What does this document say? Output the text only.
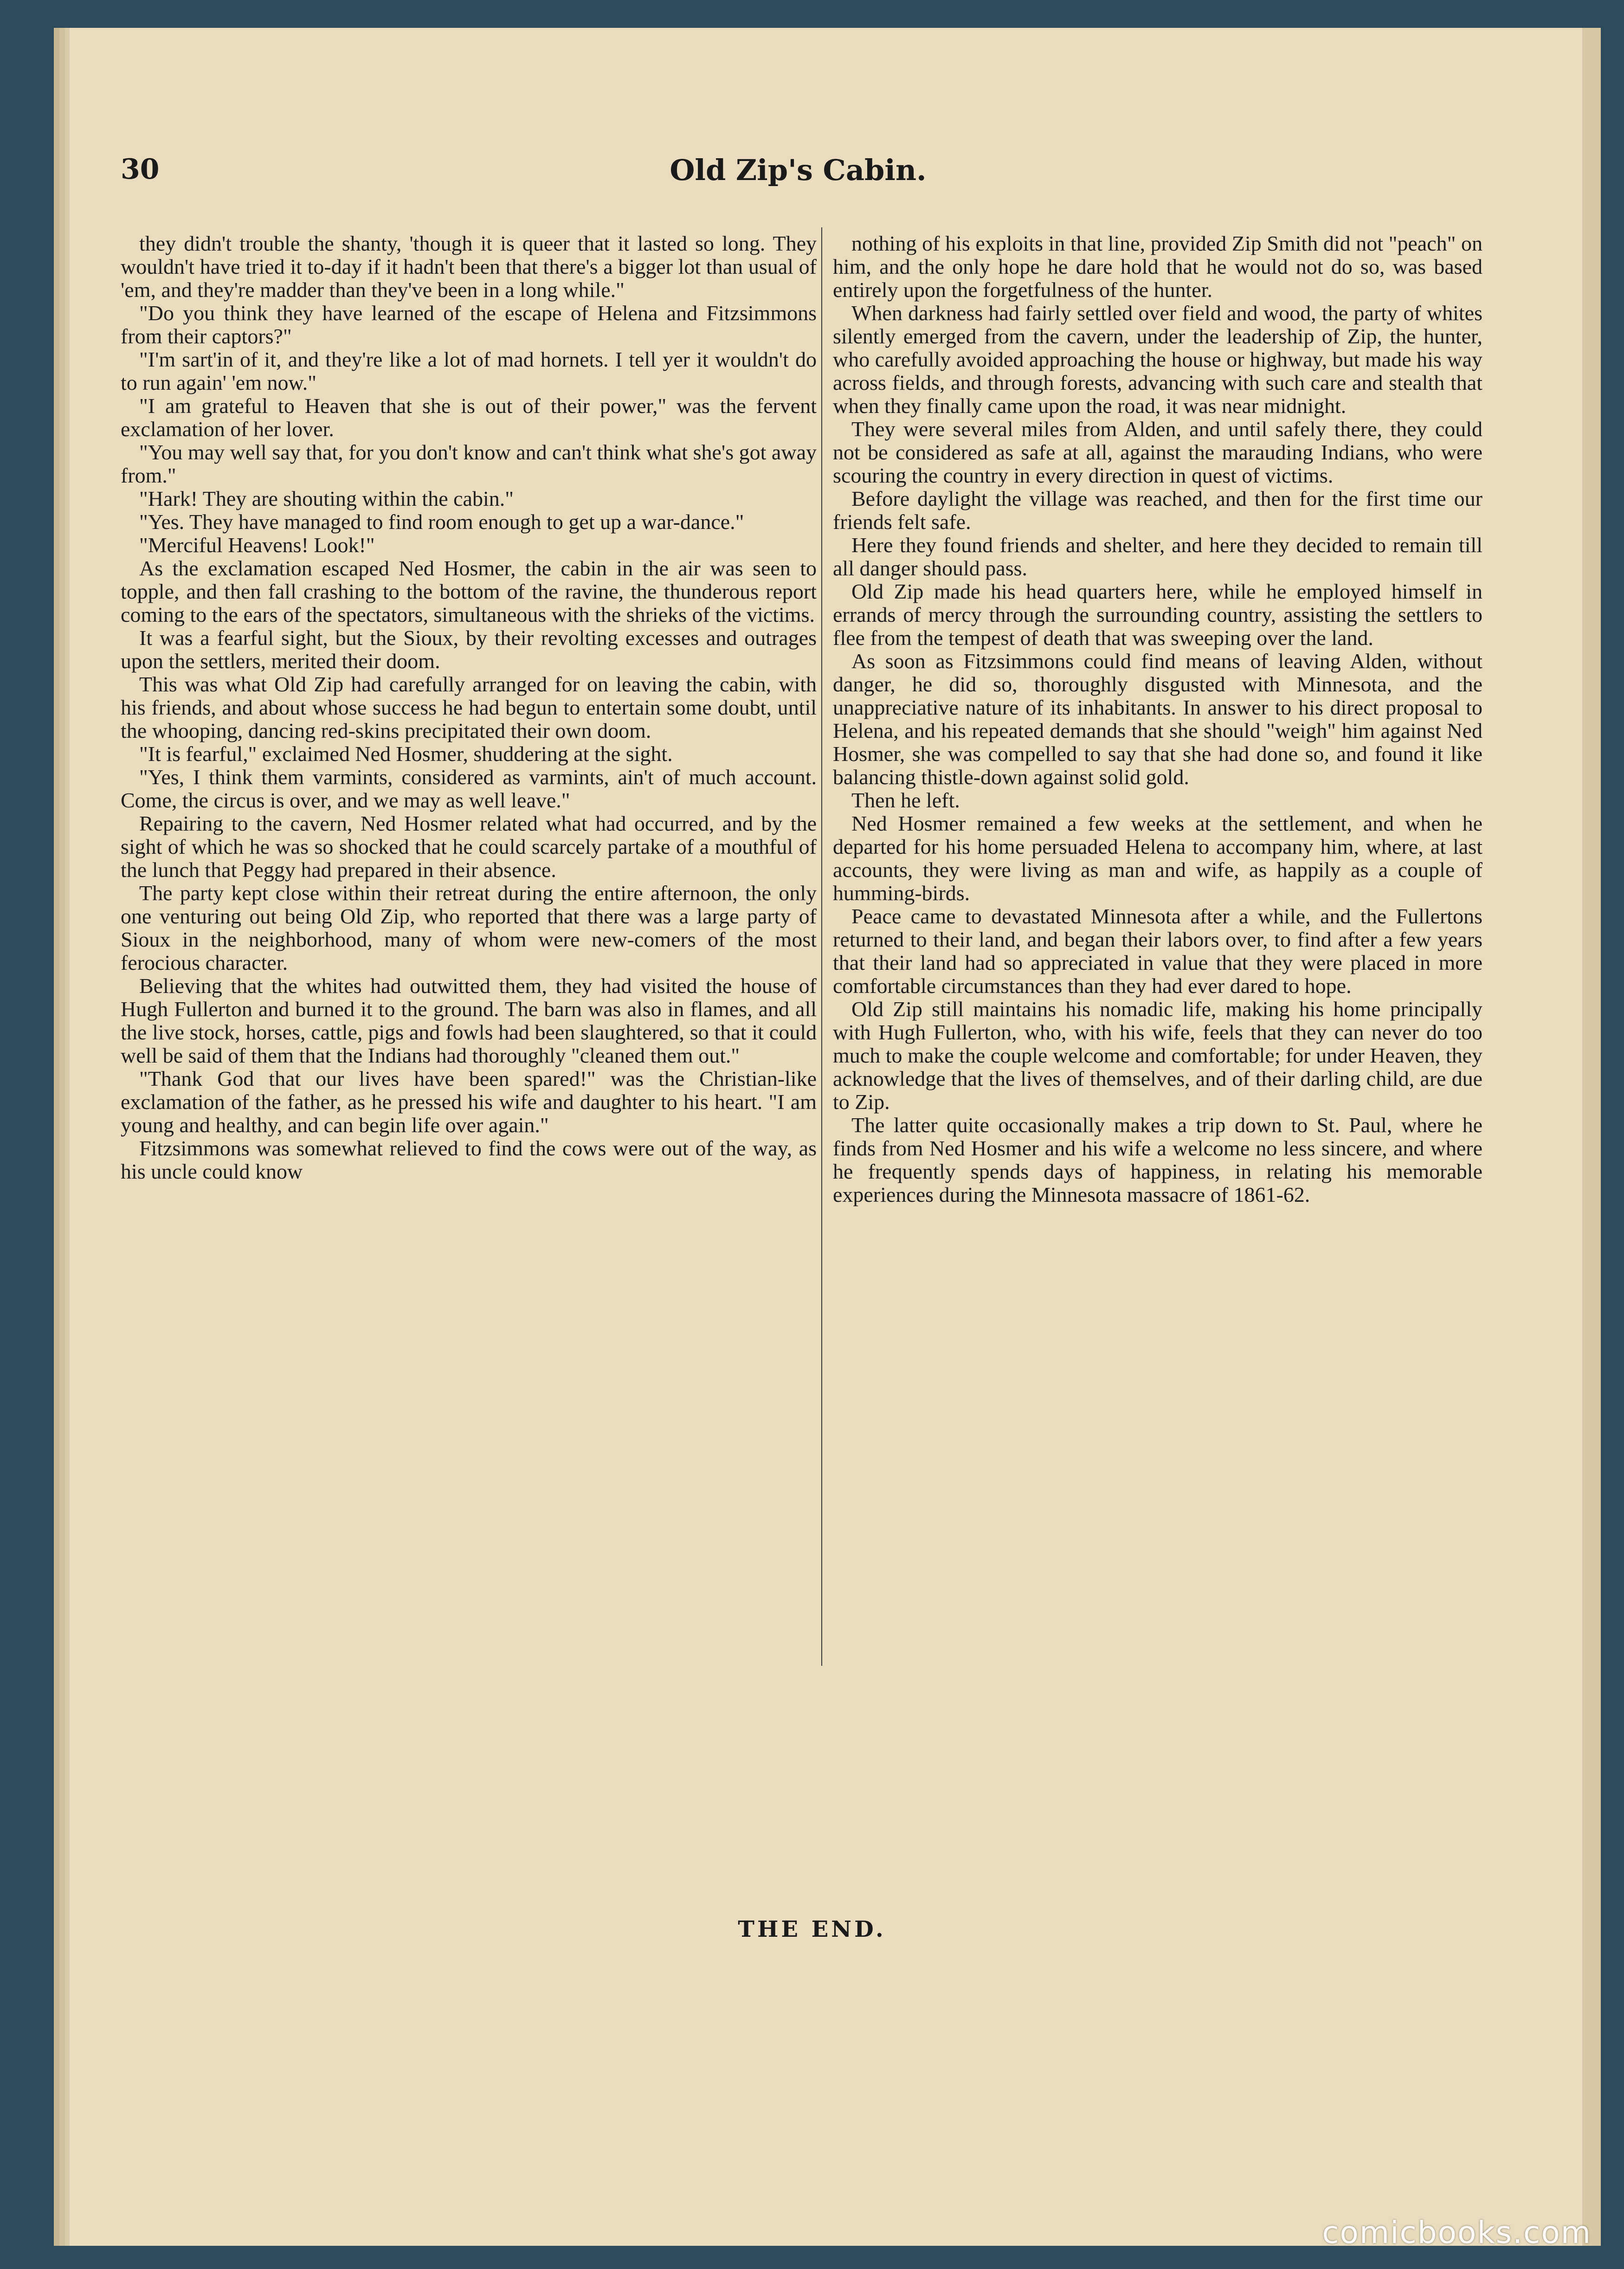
30	Old Zip's Cabin.

they didn't trouble the shanty, 'though it is queer that it lasted so long. They wouldn't have tried it to-day if it hadn't been that there's a bigger lot than usual of 'em, and they're madder than they've been in a long while."

"Do you think they have learned of the escape of Helena and Fitzsimmons from their captors?"

"I'm sart'in of it, and they're like a lot of mad hornets. I tell yer it wouldn't do to run again' 'em now."

"I am grateful to Heaven that she is out of their power," was the fervent exclamation of her lover.

"You may well say that, for you don't know and can't think what she's got away from."

"Hark! They are shouting within the cabin."

"Yes. They have managed to find room enough to get up a war-dance."

"Merciful Heavens! Look!"

As the exclamation escaped Ned Hosmer, the cabin in the air was seen to topple, and then fall crashing to the bottom of the ravine, the thunderous report coming to the ears of the spectators, simultaneous with the shrieks of the victims.

It was a fearful sight, but the Sioux, by their revolting excesses and outrages upon the settlers, merited their doom.

This was what Old Zip had carefully arranged for on leaving the cabin, with his friends, and about whose success he had begun to entertain some doubt, until the whooping, dancing red-skins precipitated their own doom.

"It is fearful," exclaimed Ned Hosmer, shuddering at the sight.

"Yes, I think them varmints, considered as varmints, ain't of much account. Come, the circus is over, and we may as well leave."

Repairing to the cavern, Ned Hosmer related what had occurred, and by the sight of which he was so shocked that he could scarcely partake of a mouthful of the lunch that Peggy had prepared in their absence.

The party kept close within their retreat during the entire afternoon, the only one venturing out being Old Zip, who reported that there was a large party of Sioux in the neighborhood, many of whom were new-comers of the most ferocious character.

Believing that the whites had outwitted them, they had visited the house of Hugh Fullerton and burned it to the ground. The barn was also in flames, and all the live stock, horses, cattle, pigs and fowls had been slaughtered, so that it could well be said of them that the Indians had thoroughly "cleaned them out."

"Thank God that our lives have been spared!" was the Christian-like exclamation of the father, as he pressed his wife and daughter to his heart. "I am young and healthy, and can begin life over again."

Fitzsimmons was somewhat relieved to find the cows were out of the way, as his uncle could know

nothing of his exploits in that line, provided Zip Smith did not "peach" on him, and the only hope he dare hold that he would not do so, was based entirely upon the forgetfulness of the hunter.

When darkness had fairly settled over field and wood, the party of whites silently emerged from the cavern, under the leadership of Zip, the hunter, who carefully avoided approaching the house or highway, but made his way across fields, and through forests, advancing with such care and stealth that when they finally came upon the road, it was near midnight.

They were several miles from Alden, and until safely there, they could not be considered as safe at all, against the marauding Indians, who were scouring the country in every direction in quest of victims.

Before daylight the village was reached, and then for the first time our friends felt safe.

Here they found friends and shelter, and here they decided to remain till all danger should pass.

Old Zip made his head quarters here, while he employed himself in errands of mercy through the surrounding country, assisting the settlers to flee from the tempest of death that was sweeping over the land.

As soon as Fitzsimmons could find means of leaving Alden, without danger, he did so, thoroughly disgusted with Minnesota, and the unappreciative nature of its inhabitants. In answer to his direct proposal to Helena, and his repeated demands that she should "weigh" him against Ned Hosmer, she was compelled to say that she had done so, and found it like balancing thistle-down against solid gold.

Then he left.

Ned Hosmer remained a few weeks at the settlement, and when he departed for his home persuaded Helena to accompany him, where, at last accounts, they were living as man and wife, as happily as a couple of humming-birds.

Peace came to devastated Minnesota after a while, and the Fullertons returned to their land, and began their labors over, to find after a few years that their land had so appreciated in value that they were placed in more comfortable circumstances than they had ever dared to hope.

Old Zip still maintains his nomadic life, making his home principally with Hugh Fullerton, who, with his wife, feels that they can never do too much to make the couple welcome and comfortable; for under Heaven, they acknowledge that the lives of themselves, and of their darling child, are due to Zip.

The latter quite occasionally makes a trip down to St. Paul, where he finds from Ned Hosmer and his wife a welcome no less sincere, and where he frequently spends days of happiness, in relating his memorable experiences during the Minnesota massacre of 1861-62.

THE END.
comicbooks.com
